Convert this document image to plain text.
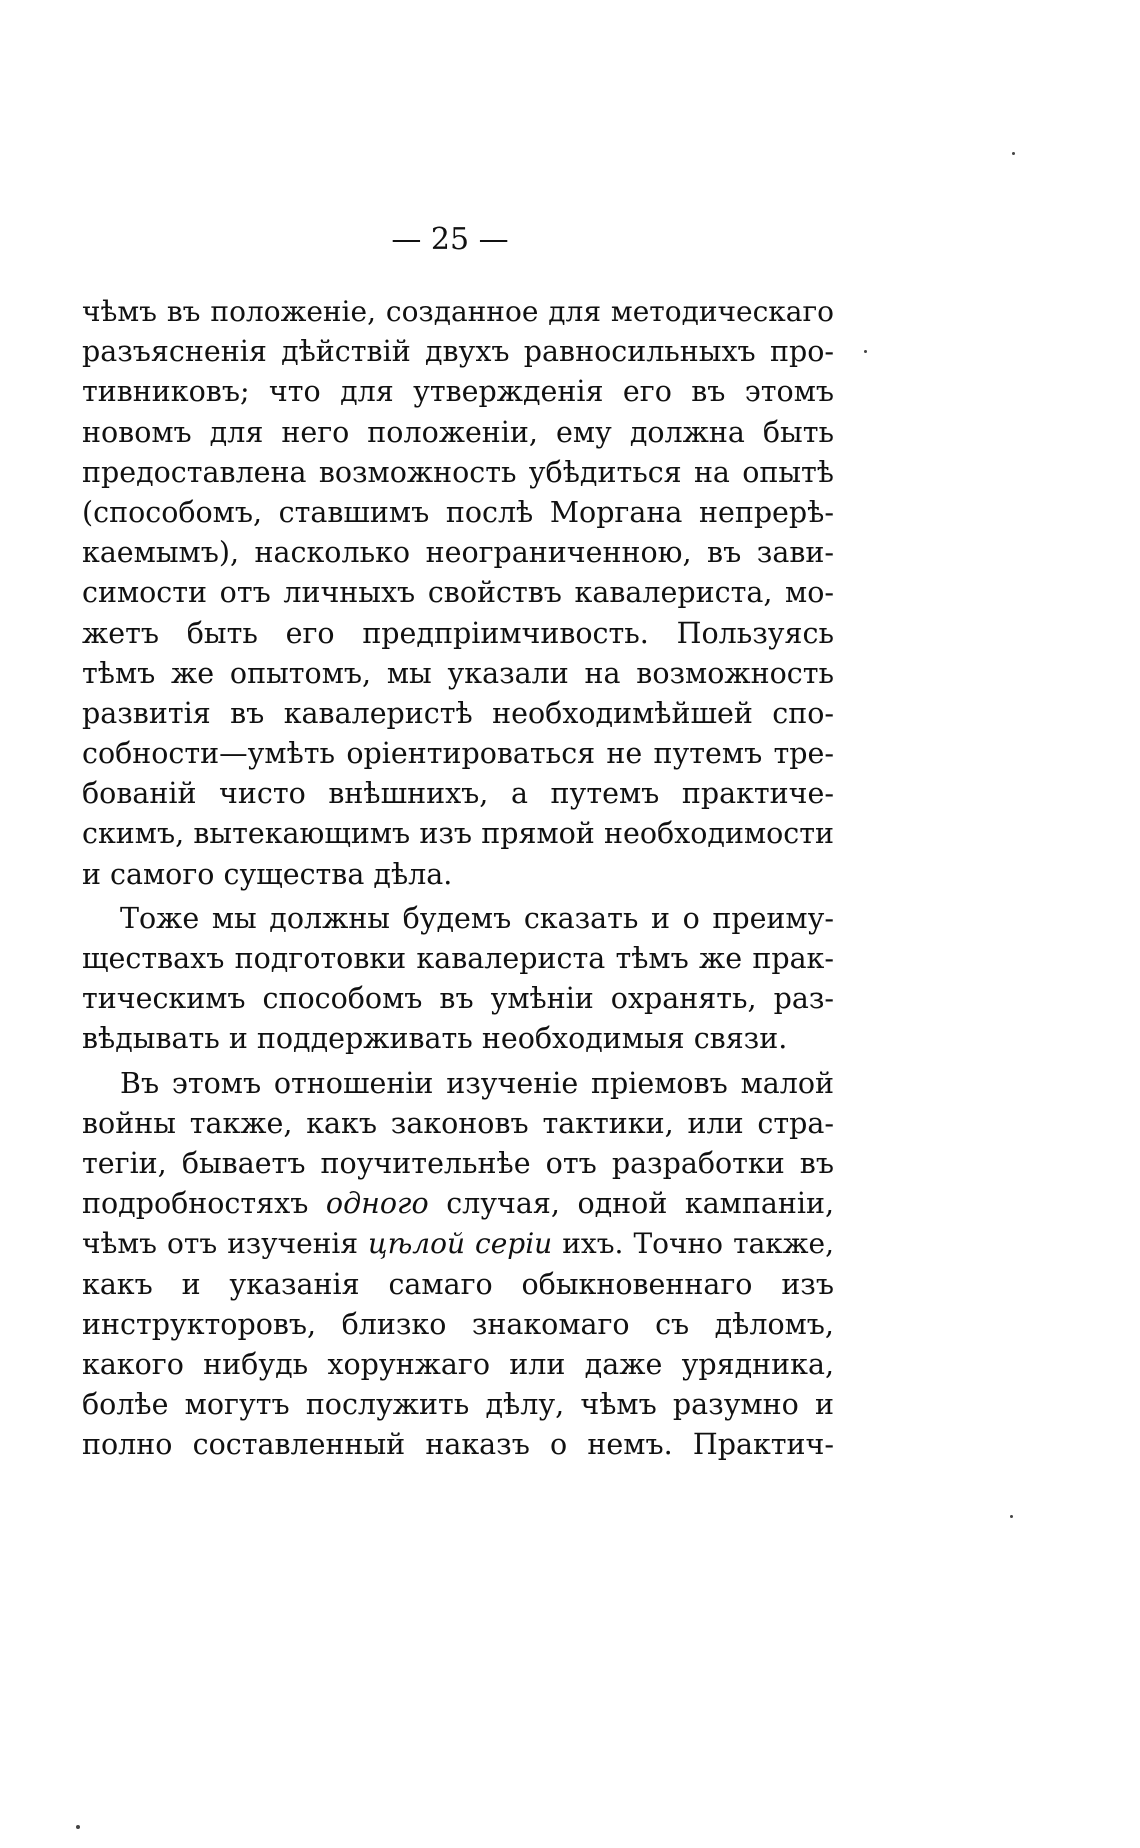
— 25 —
чѣмъ въ положеніе, созданное для методическаго
разъясненія дѣйствій двухъ равносильныхъ про-
тивниковъ; что для утвержденія его въ этомъ
новомъ для него положеніи, ему должна быть
предоставлена возможность убѣдиться на опытѣ
(способомъ, ставшимъ послѣ Моргана непрерѣ-
каемымъ), насколько неограниченною, въ зави-
симости отъ личныхъ свойствъ кавалериста, мо-
жетъ быть его предпріимчивость. Пользуясь
тѣмъ же опытомъ, мы указали на возможность
развитія въ кавалеристѣ необходимѣйшей спо-
собности—умѣть оріентироваться не путемъ тре-
бованій чисто внѣшнихъ, а путемъ практиче-
скимъ, вытекающимъ изъ прямой необходимости
и самого существа дѣла.
Тоже мы должны будемъ сказать и о преиму-
ществахъ подготовки кавалериста тѣмъ же прак-
тическимъ способомъ въ умѣніи охранять, раз-
вѣдывать и поддерживать необходимыя связи.
Въ этомъ отношеніи изученіе пріемовъ малой
войны также, какъ законовъ тактики, или стра-
тегіи, бываетъ поучительнѣе отъ разработки въ
подробностяхъ одного случая, одной кампаніи,
чѣмъ отъ изученія цѣлой серіи ихъ. Точно также,
какъ и указанія самаго обыкновеннаго изъ
инструкторовъ, близко знакомаго съ дѣломъ,
какого нибудь хорунжаго или даже урядника,
болѣе могутъ послужить дѣлу, чѣмъ разумно и
полно составленный наказъ о немъ. Практич-
